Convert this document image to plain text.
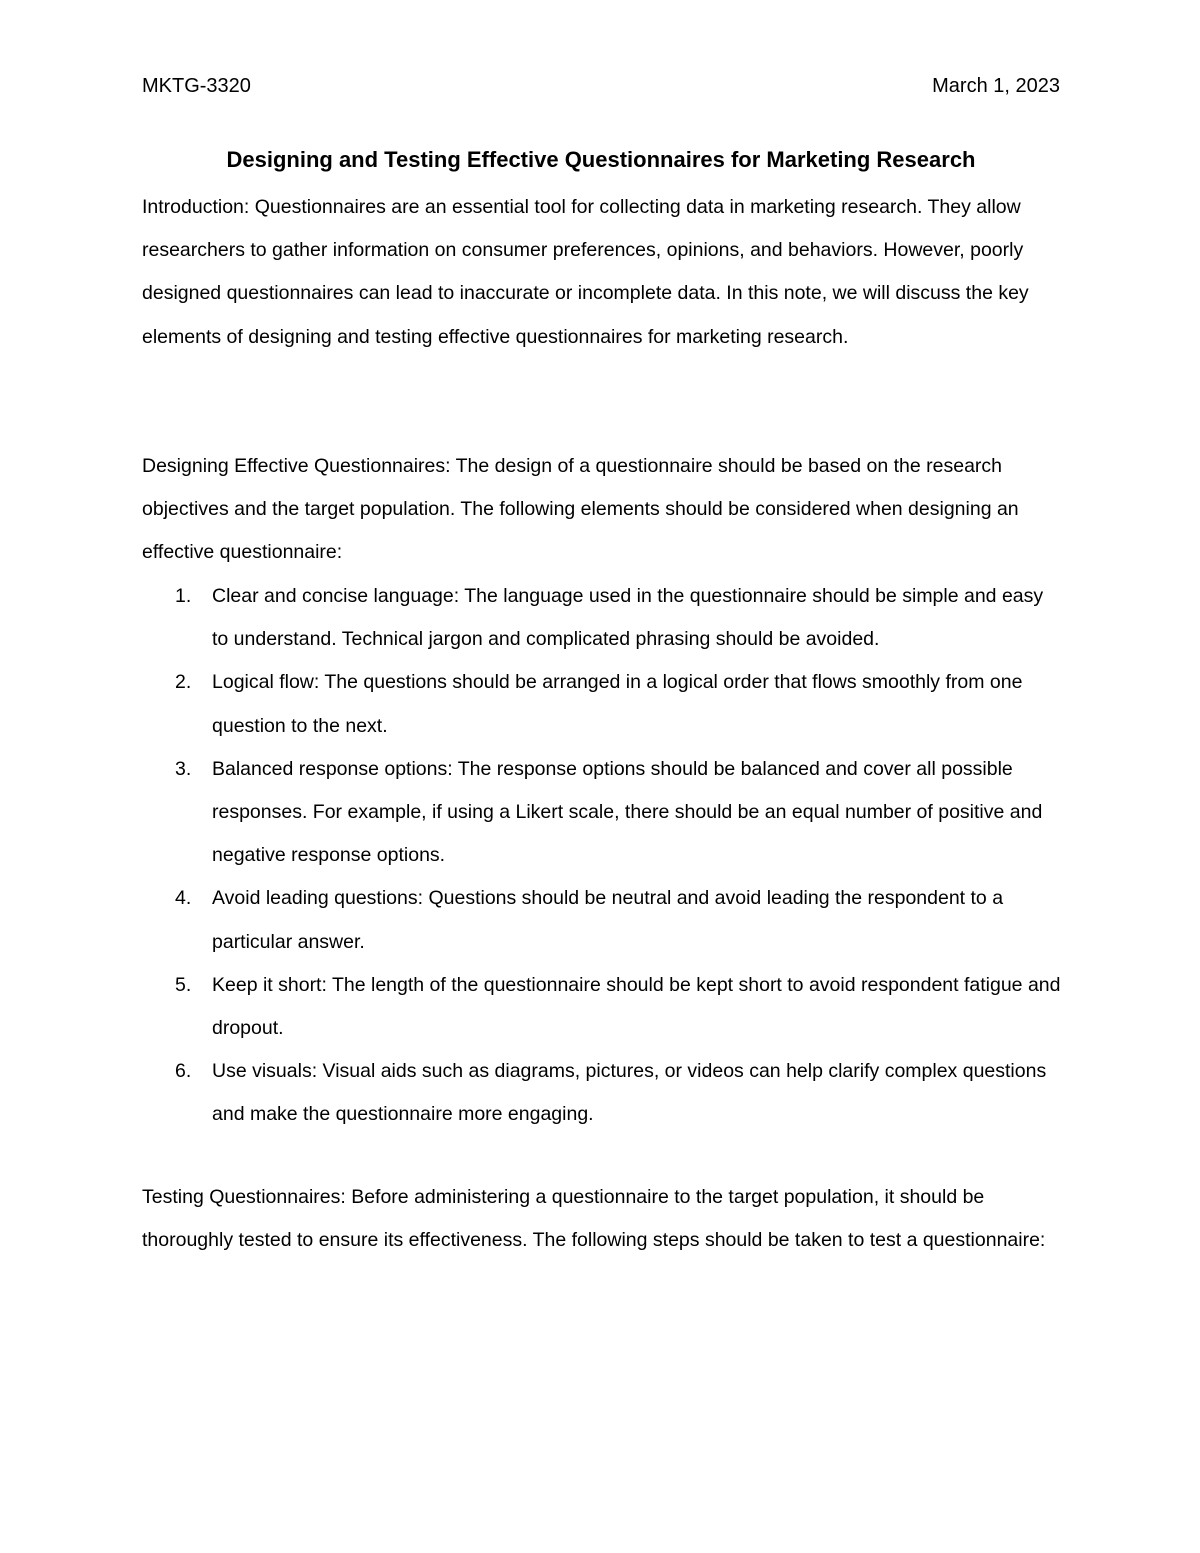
MKTG-3320	March 1, 2023
Designing and Testing Effective Questionnaires for Marketing Research

Introduction: Questionnaires are an essential tool for collecting data in marketing research. They allow researchers to gather information on consumer preferences, opinions, and behaviors. However, poorly designed questionnaires can lead to inaccurate or incomplete data. In this note, we will discuss the key elements of designing and testing effective questionnaires for marketing research.

Designing Effective Questionnaires: The design of a questionnaire should be based on the research objectives and the target population. The following elements should be considered when designing an effective questionnaire:

1. Clear and concise language: The language used in the questionnaire should be simple and easy to understand. Technical jargon and complicated phrasing should be avoided.
2. Logical flow: The questions should be arranged in a logical order that flows smoothly from one question to the next.
3. Balanced response options: The response options should be balanced and cover all possible responses. For example, if using a Likert scale, there should be an equal number of positive and negative response options.
4. Avoid leading questions: Questions should be neutral and avoid leading the respondent to a particular answer.
5. Keep it short: The length of the questionnaire should be kept short to avoid respondent fatigue and dropout.
6. Use visuals: Visual aids such as diagrams, pictures, or videos can help clarify complex questions and make the questionnaire more engaging.

Testing Questionnaires: Before administering a questionnaire to the target population, it should be thoroughly tested to ensure its effectiveness. The following steps should be taken to test a questionnaire:
